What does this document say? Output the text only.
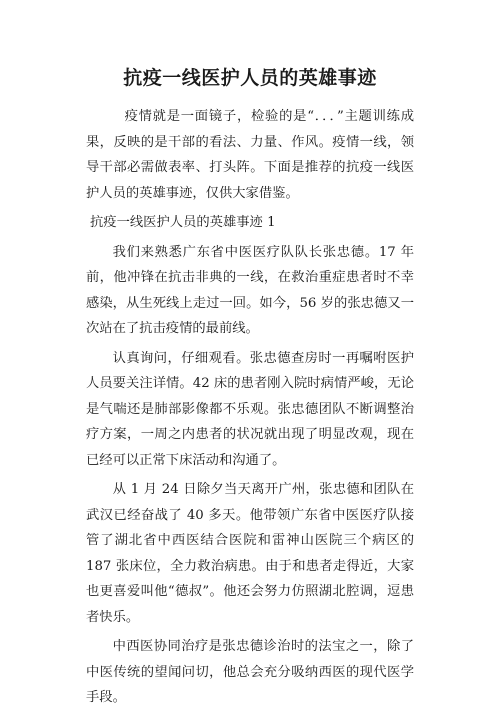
抗疫一线医护人员的英雄事迹

疫情就是一面镜子，检验的是“．．．”主题训练成果，反映的是干部的看法、力量、作风。疫情一线，领导干部必需做表率、打头阵。下面是推荐的抗疫一线医护人员的英雄事迹，仅供大家借鉴。

抗疫一线医护人员的英雄事迹 1

我们来熟悉广东省中医医疗队队长张忠德。17 年前，他冲锋在抗击非典的一线，在救治重症患者时不幸感染，从生死线上走过一回。如今，56 岁的张忠德又一次站在了抗击疫情的最前线。

认真询问，仔细观看。张忠德查房时一再嘱咐医护人员要关注详情。42 床的患者刚入院时病情严峻，无论是气喘还是肺部影像都不乐观。张忠德团队不断调整治疗方案，一周之内患者的状况就出现了明显改观，现在已经可以正常下床活动和沟通了。

从 1 月 24 日除夕当天离开广州，张忠德和团队在武汉已经奋战了 40 多天。他带领广东省中医医疗队接管了湖北省中西医结合医院和雷神山医院三个病区的 187 张床位，全力救治病患。由于和患者走得近，大家也更喜爱叫他“德叔”。他还会努力仿照湖北腔调，逗患者快乐。

中西医协同治疗是张忠德诊治时的法宝之一，除了中医传统的望闻问切，他总会充分吸纳西医的现代医学手段。
